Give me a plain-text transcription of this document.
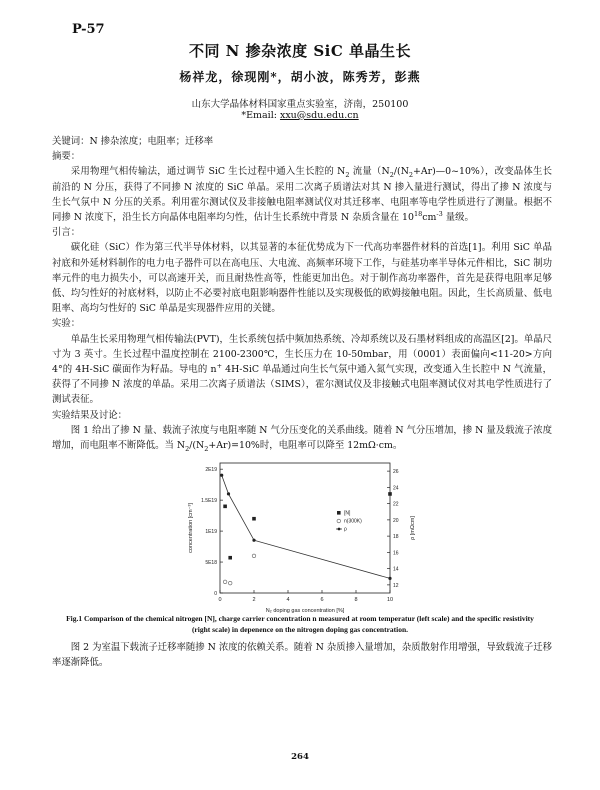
P-57
不同 N 掺杂浓度 SiC 单晶生长
杨祥龙，徐现刚*，胡小波，陈秀芳，彭燕
山东大学晶体材料国家重点实验室，济南，250100
*Email: xxu@sdu.edu.cn

关键词：N 掺杂浓度；电阻率；迁移率

摘要：

采用物理气相传输法，通过调节 SiC 生长过程中通入生长腔的 $N_2$ 流量$(N_2/(N_2+Ar)—0\sim 10\%)$，改变晶体生长前沿的 N 分压，获得了不同掺 N 浓度的 SiC 单晶。采用二次离子质谱法对其 N 掺入量进行测试，得出了掺 N 浓度与生长气氛中 N 分压的关系。利用霍尔测试仪及非接触电阻率测试仪对其迁移率、电阻率等电学性质进行了测量。根据不同掺 N 浓度下，沿生长方向晶体电阻率均匀性，估计生长系统中背景 N 杂质含量在 $10^{18}cm^{-3}$ 量级。

引言：

碳化硅（SiC）作为第三代半导体材料，以其显著的本征优势成为下一代高功率器件材料的首选[1]。利用 SiC 单晶衬底和外延材料制作的电力电子器件可以在高电压、大电流、高频率环境下工作，与硅基功率半导体元件相比，SiC 制功率元件的电力损失小，可以高速开关，而且耐热性高等，性能更加出色。对于制作高功率器件，首先是获得电阻率足够低、均匀性好的衬底材料，以防止不必要衬底电阻影响器件性能以及实现极低的欧姆接触电阻。因此，生长高质量、低电阻率、高均匀性好的 SiC 单晶是实现器件应用的关键。

实验：

单晶生长采用物理气相传输法(PVT)，生长系统包括中频加热系统、冷却系统以及石墨材料组成的高温区[2]。单晶尺寸为 3 英寸。生长过程中温度控制在 2100-2300℃，生长压力在 10-50mbar，用（0001）表面偏向<11-20>方向 4°的 4H-SiC 碳面作为籽晶。导电的 n+ 4H-SiC 单晶通过向生长气氛中通入氮气实现，改变通入生长腔中 N 气流量，获得了不同掺 N 浓度的单晶。采用二次离子质谱法（SIMS），霍尔测试仪及非接触式电阻率测试仪对其电学性质进行了测试表征。

实验结果及讨论：

图 1 给出了掺 N 量、载流子浓度与电阻率随 N 气分压变化的关系曲线。随着 N 气分压增加，掺 N 量及载流子浓度增加，而电阻率不断降低。当 $N_2/(N_2+Ar)=10\%$时，电阻率可以降至 12mΩ·cm。

0	2	4	6	8	10
2E19
1.5E19
1E19
5E18
0
26
24
22
20
18
16
14
12
N₂ doping gas concentration [%]
concentration [cm⁻³]	ρ [mΩcm]
[N]
n(300K)
ρ
Fig.1 Comparison of the chemical nitrogen [N], charge carrier concentration n measured at room temperatur (left scale) and the specific resistivity (right scale) in depenence on the nitrogen doping gas concentration.

图 2 为室温下载流子迁移率随掺 N 浓度的依赖关系。随着 N 杂质掺入量增加，杂质散射作用增强，导致载流子迁移率逐渐降低。

264
